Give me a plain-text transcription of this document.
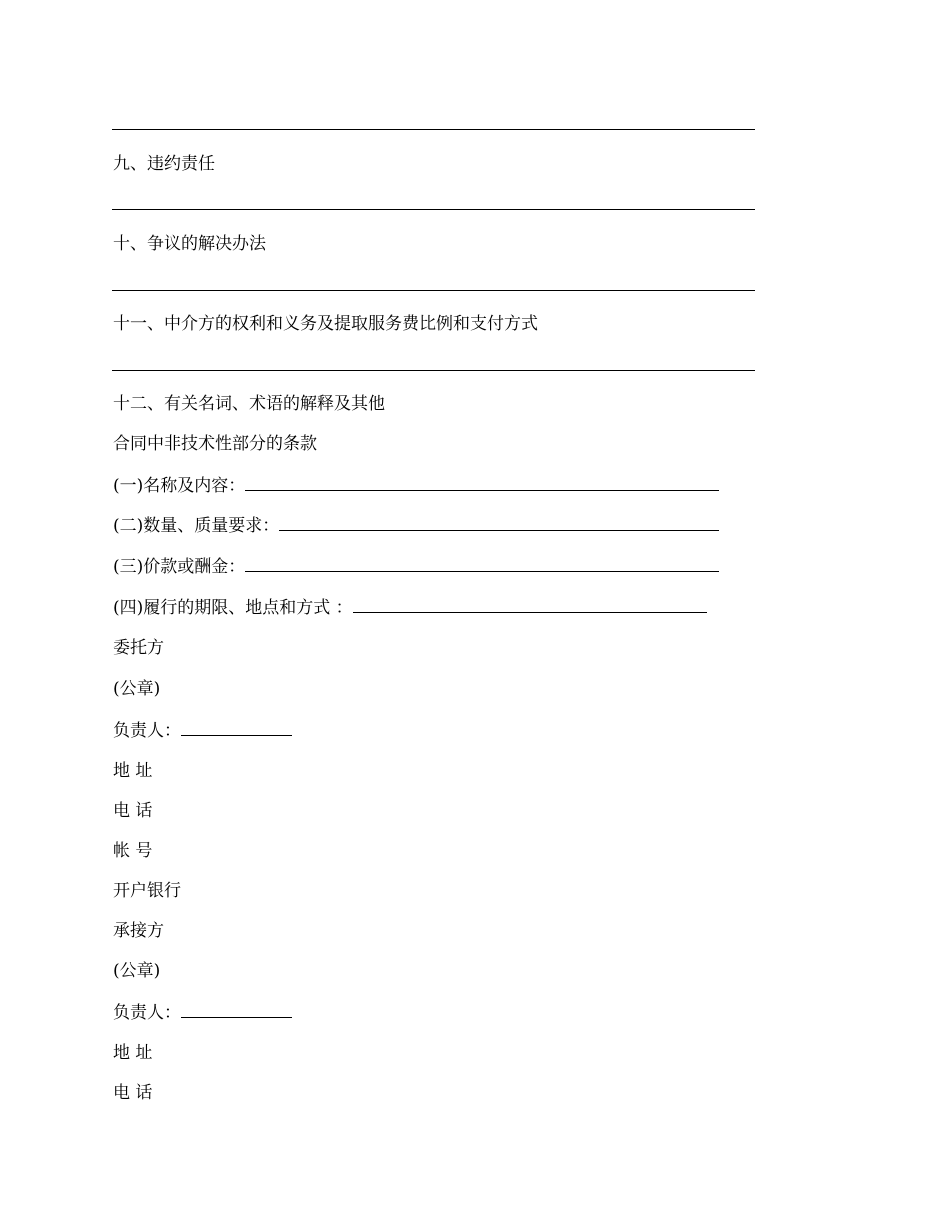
九、违约责任
十、争议的解决办法
十一、中介方的权利和义务及提取服务费比例和支付方式
十二、有关名词、术语的解释及其他
合同中非技术性部分的条款
(一)名称及内容：
(二)数量、质量要求：
(三)价款或酬金：
(四)履行的期限、地点和方式 ：
委托方
(公章)
负责人：
地 址
电 话
帐 号
开户银行
承接方
(公章)
负责人：
地 址
电 话
